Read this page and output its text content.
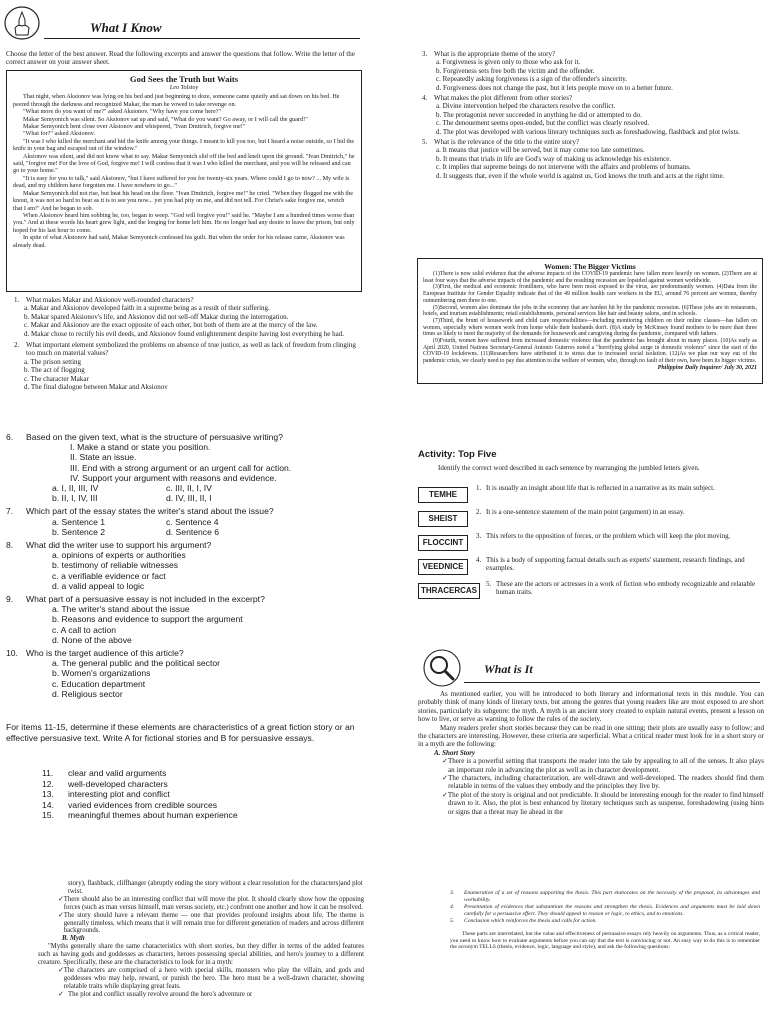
What I Know
Choose the letter of the best answer. Read the following excerpts and answer the questions that follow. Write the letter of the correct answer on your answer sheet.
God Sees the Truth but Waits
Leo Tolstoy

That night, when Aksionov was lying on his bed and just beginning to doze, someone came quietly and sat down on his bed. He peered through the darkness and recognized Makar, the man he vowed to take revenge on.

"What more do you want of me?" asked Aksionov. "Why have you come here?"

Makar Semyonich was silent. So Aksionov sat up and said, "What do you want? Go away, or I will call the guard!"

Makar Semyonich bent close over Aksionov and whispered, "Ivan Dmitrich, forgive me!"

"What for?" asked Aksionov.

"It was I who killed the merchant and hid the knife among your things. I meant to kill you too, but I heard a noise outside, so I hid the knife in your bag and escaped out of the window."

Aksionov was silent, and did not know what to say. Makar Semyonich slid off the bed and knelt upon the ground. "Ivan Dmitrich," he said, "forgive me! For the love of God, forgive me! I will confess that it was I who killed the merchant, and you will be released and can go to your home."

"It is easy for you to talk," said Aksionov, "but I have suffered for you for twenty-six years. Where could I go to now? ... My wife is dead, and my children have forgotten me. I have nowhere to go..."

Makar Semyonich did not rise, but beat his head on the floor. "Ivan Dmitrich, forgive me!" he cried. "When they flogged me with the knout, it was not so hard to bear as it is to see you now... yet you had pity on me, and did not tell. For Christ's sake forgive me, wretch that I am!" And he began to sob.

When Aksionov heard him sobbing he, too, began to weep. "God will forgive you!" said he. "Maybe I am a hundred times worse than you." And at these words his heart grew light, and the longing for home left him. He no longer had any desire to leave the prison, but only hoped for his last hour to come.

In spite of what Aksionov had said, Makar Semyonich confessed his guilt. But when the order for his release came, Aksionov was already dead.

1. What makes Makar and Aksionov well-rounded characters?
a. Makar and Aksionov developed faith in a supreme being as a result of their suffering.
b. Makar spared Aksionov's life, and Aksionov did not sell-off Makar during the interrogation.
c. Makar and Aksionov are the exact opposite of each other, but both of them are at the mercy of the law.
d. Makar chose to rectify his evil deeds, and Aksionov found enlightenment despite having lost everything he had.
2. What important element symbolized the problems on absence of true justice, as well as lack of freedom from clinging too much on material values?
a. The prison setting
b. The act of flogging
c. The character Makar
d. The final dialogue between Makar and Aksionov
3. What is the appropriate theme of the story?
a. Forgiveness is given only to those who ask for it.
b. Forgiveness sets free both the victim and the offender.
c. Repeatedly asking forgiveness is a sign of the offender's sincerity.
d. Forgiveness does not change the past, but it lets people move on to a better future.
4. What makes the plot different from other stories?
a. Divine intervention helped the characters resolve the conflict.
b. The protagonist never succeeded in anything he did or attempted to do.
c. The denouement seems open-ended, but the conflict was clearly resolved.
d. The plot was developed with various literary techniques such as foreshadowing, flashback and plot twists.
5. What is the relevance of the title to the entire story?
a. It means that justice will be served, but it may come too late sometimes.
b. It means that trials in life are God's way of making us acknowledge his existence.
c. It implies that supreme beings do not intervene with the affairs and problems of humans.
d. It suggests that, even if the whole world is against us, God knows the truth and acts at the right time.
Women: The Bigger Victims

(1)There is now solid evidence that the adverse impacts of the COVID-19 pandemic have fallen more heavily on women. (2)There are at least four ways that the adverse impacts of the pandemic and the resulting recession are lopsided against women worldwide.

(3)First, the medical and economic frontliners, who have been most exposed to the virus, are predominantly women. (4)Data from the European Institute for Gender Equality indicate that of the 49 million health care workers in the EU, around 76 percent are women, thereby outnumbering men three to one.

(5)Second, women also dominate the jobs in the economy that are hardest hit by the pandemic recession. (6)These jobs are in restaurants, hotels, and tourism establishments; retail establishments, personal services like hair and beauty salons, and in schools.

(7)Third, the brunt of housework and child care responsibilities—including monitoring children on their online classes—has fallen on women, especially where women work from home while their husbands don't. (8)A study by McKinsey found mothers to be more than three times as likely to meet the majority of the demands for housework and caregiving during the pandemic, compared with fathers.

(9)Fourth, women have suffered from increased domestic violence that the pandemic has brought about in many places. (10)As early as April 2020, United Nations Secretary-General Antonio Guterres noted a "horrifying global surge in domestic violence" since the start of the COVID-19 lockdowns. (11)Researchers have attributed it to stress due to increased social isolation. (12)As we plan our way out of the pandemic crisis, we clearly need to pay due attention to the welfare of women, who, through no fault of their own, have been its bigger victims.

Philippine Daily Inquirer/ July 30, 2021
6.	Based on the given text, what is the structure of persuasive writing?
I. Make a stand or state you position.
II. State an issue.
III. End with a strong argument or an urgent call for action.
IV. Support your argument with reasons and evidence.
a. I, II, III, IV	c. III, II, I, IV
b. II, I, IV, III	d. IV, III, II, I
7.	Which part of the essay states the writer's stand about the issue?
a. Sentence 1	c. Sentence 4
b. Sentence 2	d. Sentence 6
8.	What did the writer use to support his argument?
a. opinions of experts or authorities
b. testimony of reliable witnesses
c. a verifiable evidence or fact
d. a valid appeal to logic
9.	What part of a persuasive essay is not included in the excerpt?
a. The writer's stand about the issue
b. Reasons and evidence to support the argument
c. A call to action
d. None of the above
10. Who is the target audience of this article?
a. The general public and the political sector
b. Women's organizations
c. Education department
d. Religious sector
For items 11-15, determine if these elements are characteristics of a great fiction story or an effective persuasive text. Write A for fictional stories and B for persuasive essays.
11.	clear and valid arguments
12.	well-developed characters
13.	interesting plot and conflict
14.	varied evidences from credible sources
15.	meaningful themes about human experience
Activity: Top Five
Identify the correct word described in each sentence by rearranging the jumbled letters given.
TEMHE
1. It is usually an insight about life that is reflected in a narrative as its main subject.
SHEIST
2. It is a one-sentence statement of the main point (argument) in an essay.
FLOCCINT
3. This refers to the opposition of forces, or the problem which will keep the plot moving.
VEEDNICE
4. This is a body of supporting factual details such as experts' statement, research findings, and examples.
THRACERCAS
5. These are the actors or actresses in a work of fiction who embody recognizable and relatable human traits.
What is It

As mentioned earlier, you will be introduced to both literary and informational texts in this module. You can probably think of many kinds of literary texts, but among the genres that young readers like are most exposed to are short stories, particularly its subgenre: the myth. A myth is an ancient story created to explain natural events, present a lesson on how to live, or serve as warning to follow the rules of the society.

Many readers prefer short stories because they can be read in one sitting; their plots are usually easy to follow; and the characters are interesting. However, these criteria are superficial. What a critical reader must look for in a short story or in a myth are the following:

A. Short Story
✓ There is a powerful setting that transports the reader into the tale by appealing to all of the senses. It also plays an important role in advancing the plot as well as in character development.
✓ The characters, including characterization, are well-drawn and well-developed. The readers should find them relatable in terms of the values they embody and the principles they live by.
✓ The plot of the story is original and not predictable. It should be interesting enough for the reader to find himself drawn to it. Also, the plot is best enhanced by literary techniques such as suspense, foreshadowing (using hints or signs that a threat may lie ahead in the

story), flashback, cliffhanger (abruptly ending the story without a clear resolution for the characters)and plot twist.

✓ There should also be an interesting conflict that will move the plot. It should clearly show how the opposing forces (such as man versus himself, man versus society, etc.) confront one another and how it can be resolved.
✓ The story should have a relevant theme — one that provides profound insights about life. The theme is generally timeless, which means that it will remain true for different generation of readers and across different backgrounds.
B. Myth

"Myths generally share the same characteristics with short stories, but they differ in terms of the added features such as having gods and goddesses as characters, heroes possessing special abilities, and hero's journey to a different creature. Specifically, these are the characteristics to look for in a myth:

✓ The characters are comprised of a hero with special skills, monsters who play the villain, and gods and goddesses who may help, reward, or punish the hero. The hero must be a well-drawn character, showing relatable traits while displaying great feats.
✓ The plot and conflict usually revolve around the hero's adventure or
3.	Enumeration of a set of reasons supporting the thesis. This part elaborates on the necessity of the proposal, its advantages and workability.
4.	Presentation of evidences that substantiate the reasons and strengthen the thesis. Evidences and arguments must be laid down carefully for a persuasive effect. They should appeal to reason or logic, to ethics, and to emotions.
5.	Conclusion which reinforces the thesis and calls for action.

These parts are interrelated, but the value and effectiveness of persuasive essays rely heavily on arguments. Thus, as a critical reader, you need to know how to evaluate arguments before you can say that the text is convincing or not. An easy way to do this is to remember the acronym TELLS (thesis, evidence, logic, language and style), and ask the following questions:
